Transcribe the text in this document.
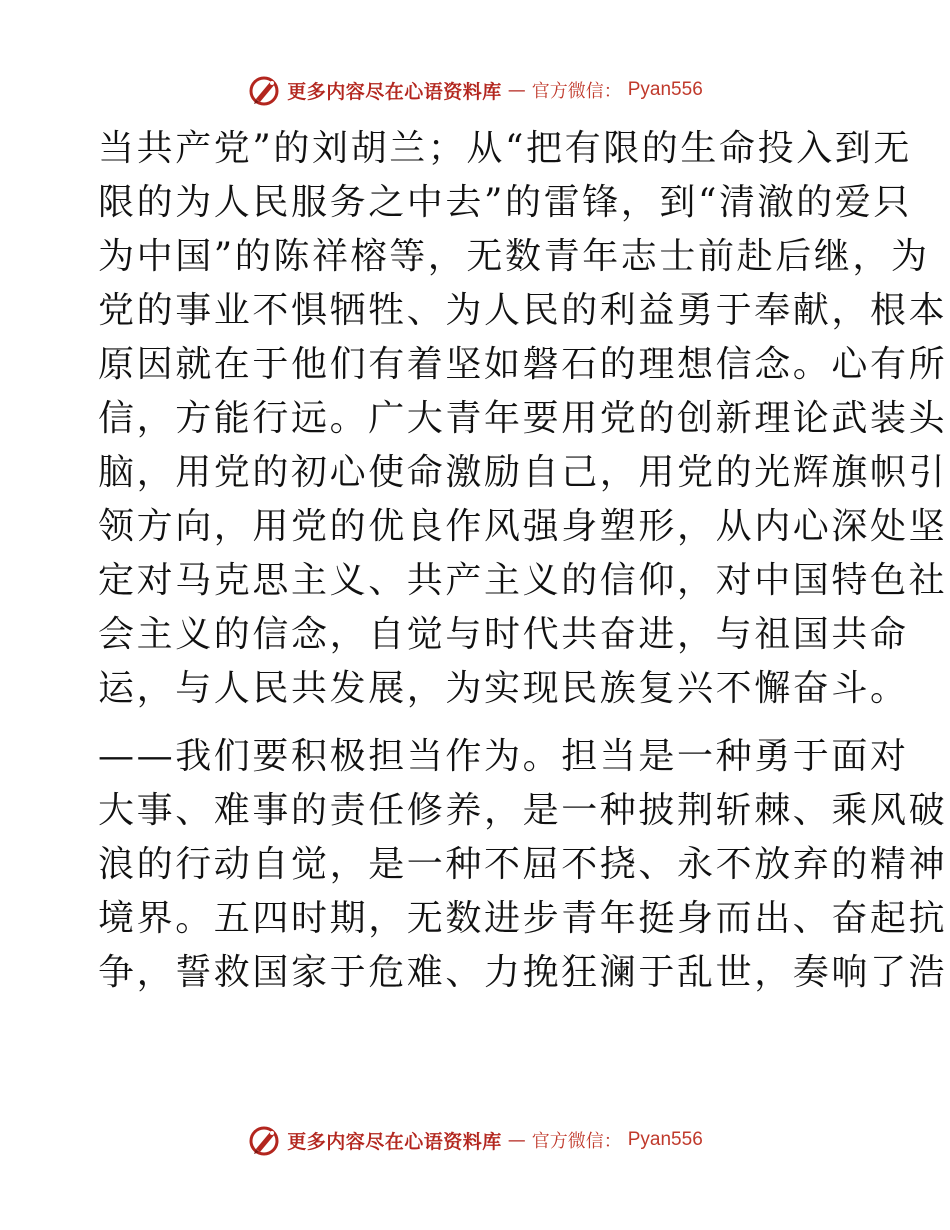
更多内容尽在心语资料库 — 官方微信： Pyan556
当共产党”的刘胡兰；从“把有限的生命投入到无
限的为人民服务之中去”的雷锋，到“清澈的爱只
为中国”的陈祥榕等，无数青年志士前赴后继，为
党的事业不惧牺牲、为人民的利益勇于奉献，根本
原因就在于他们有着坚如磐石的理想信念。心有所
信，方能行远。广大青年要用党的创新理论武装头
脑，用党的初心使命激励自己，用党的光辉旗帜引
领方向，用党的优良作风强身塑形，从内心深处坚
定对马克思主义、共产主义的信仰，对中国特色社
会主义的信念，自觉与时代共奋进，与祖国共命
运，与人民共发展，为实现民族复兴不懈奋斗。
——我们要积极担当作为。担当是一种勇于面对
大事、难事的责任修养，是一种披荆斩棘、乘风破
浪的行动自觉，是一种不屈不挠、永不放弃的精神
境界。五四时期，无数进步青年挺身而出、奋起抗
争，誓救国家于危难、力挽狂澜于乱世，奏响了浩
更多内容尽在心语资料库 — 官方微信： Pyan556
